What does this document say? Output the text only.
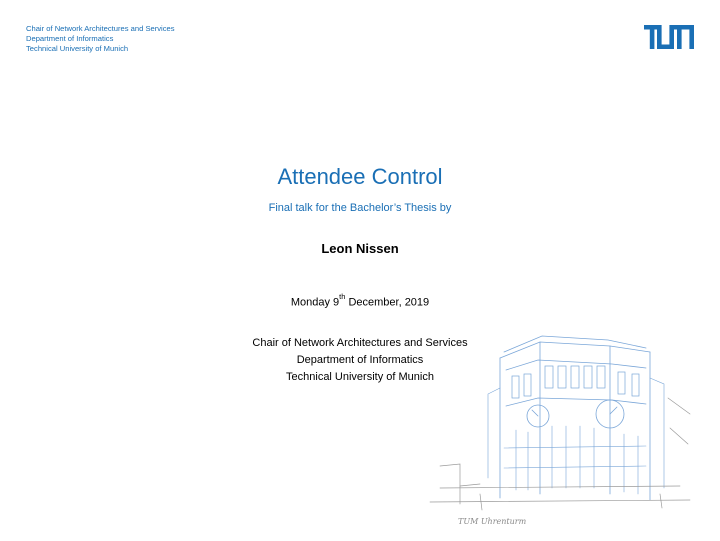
Chair of Network Architectures and Services
Department of Informatics
Technical University of Munich
Attendee Control
Final talk for the Bachelor’s Thesis by
Leon Nissen
Monday 9th December, 2019
Chair of Network Architectures and Services
Department of Informatics
Technical University of Munich
TUM Uhrenturm
